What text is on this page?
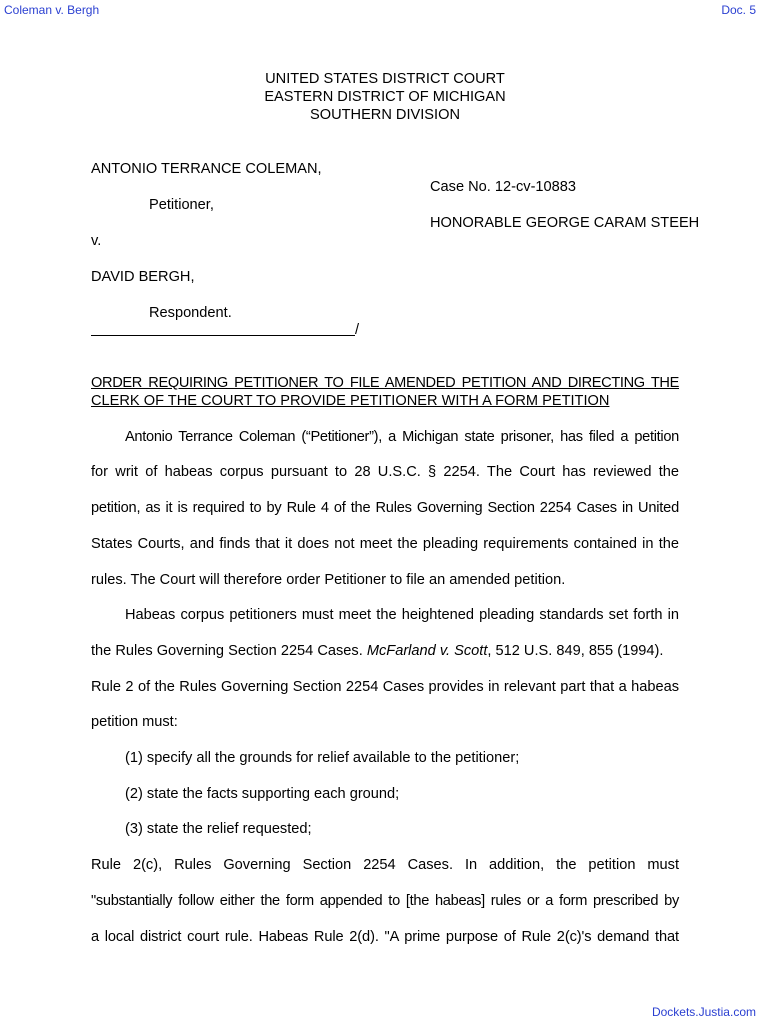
Coleman v. Bergh	Doc. 5
UNITED STATES DISTRICT COURT
EASTERN DISTRICT OF MICHIGAN
SOUTHERN DIVISION
ANTONIO TERRANCE COLEMAN,
Case No. 12-cv-10883
Petitioner,
HONORABLE GEORGE CARAM STEEH
v.
DAVID BERGH,
Respondent.
/
ORDER REQUIRING PETITIONER TO FILE AMENDED PETITION AND DIRECTING THE
CLERK OF THE COURT TO PROVIDE PETITIONER WITH A FORM PETITION
Antonio Terrance Coleman (“Petitioner”), a Michigan state prisoner, has filed a petition
for writ of habeas corpus pursuant to 28 U.S.C. § 2254. The Court has reviewed the
petition, as it is required to by Rule 4 of the Rules Governing Section 2254 Cases in United
States Courts, and finds that it does not meet the pleading requirements contained in the
rules. The Court will therefore order Petitioner to file an amended petition.
Habeas corpus petitioners must meet the heightened pleading standards set forth in
the Rules Governing Section 2254 Cases. McFarland v. Scott, 512 U.S. 849, 855 (1994).
Rule 2 of the Rules Governing Section 2254 Cases provides in relevant part that a habeas
petition must:
(1) specify all the grounds for relief available to the petitioner;
(2) state the facts supporting each ground;
(3) state the relief requested;
Rule 2(c), Rules Governing Section 2254 Cases. In addition, the petition must
"substantially follow either the form appended to [the habeas] rules or a form prescribed by
a local district court rule. Habeas Rule 2(d). "A prime purpose of Rule 2(c)'s demand that
Dockets.Justia.com
